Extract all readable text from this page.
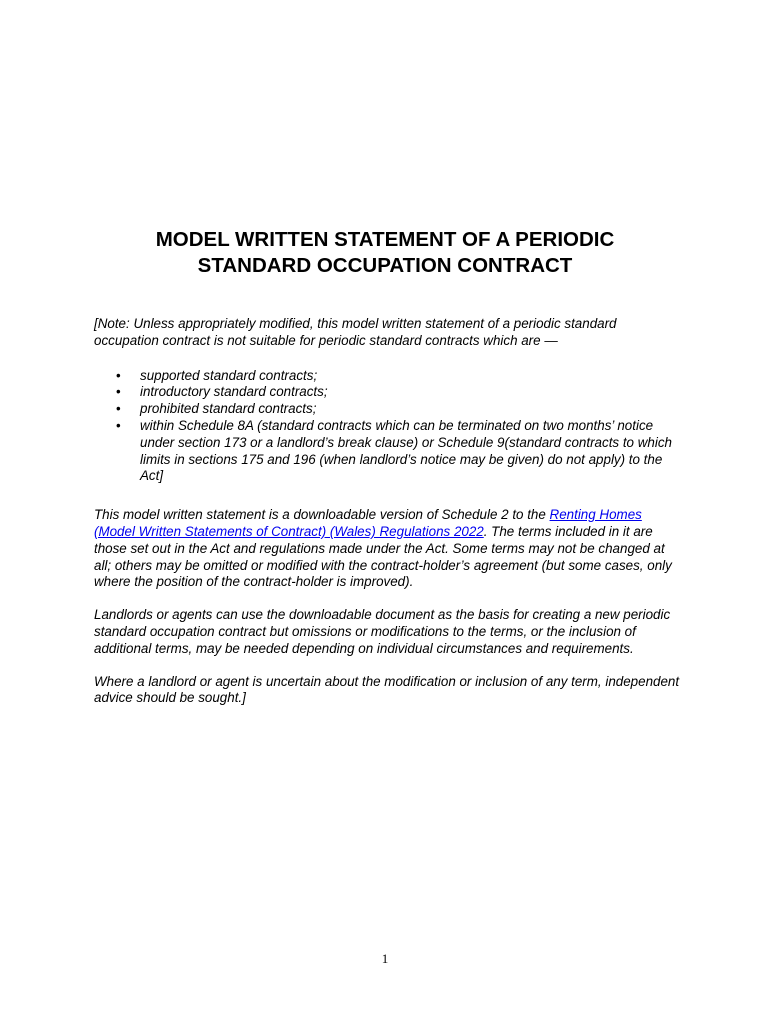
MODEL WRITTEN STATEMENT OF A PERIODIC
STANDARD OCCUPATION CONTRACT

[Note: Unless appropriately modified, this model written statement of a periodic standard occupation contract is not suitable for periodic standard contracts which are —

• supported standard contracts;
• introductory standard contracts;
• prohibited standard contracts;
• within Schedule 8A (standard contracts which can be terminated on two months’ notice under section 173 or a landlord’s break clause) or Schedule 9(standard contracts to which limits in sections 175 and 196 (when landlord’s notice may be given) do not apply) to the Act]

This model written statement is a downloadable version of Schedule 2 to the Renting Homes (Model Written Statements of Contract) (Wales) Regulations 2022. The terms included in it are those set out in the Act and regulations made under the Act. Some terms may not be changed at all; others may be omitted or modified with the contract-holder’s agreement (but some cases, only where the position of the contract-holder is improved).

Landlords or agents can use the downloadable document as the basis for creating a new periodic standard occupation contract but omissions or modifications to the terms, or the inclusion of additional terms, may be needed depending on individual circumstances and requirements.

Where a landlord or agent is uncertain about the modification or inclusion of any term, independent advice should be sought.]

1
